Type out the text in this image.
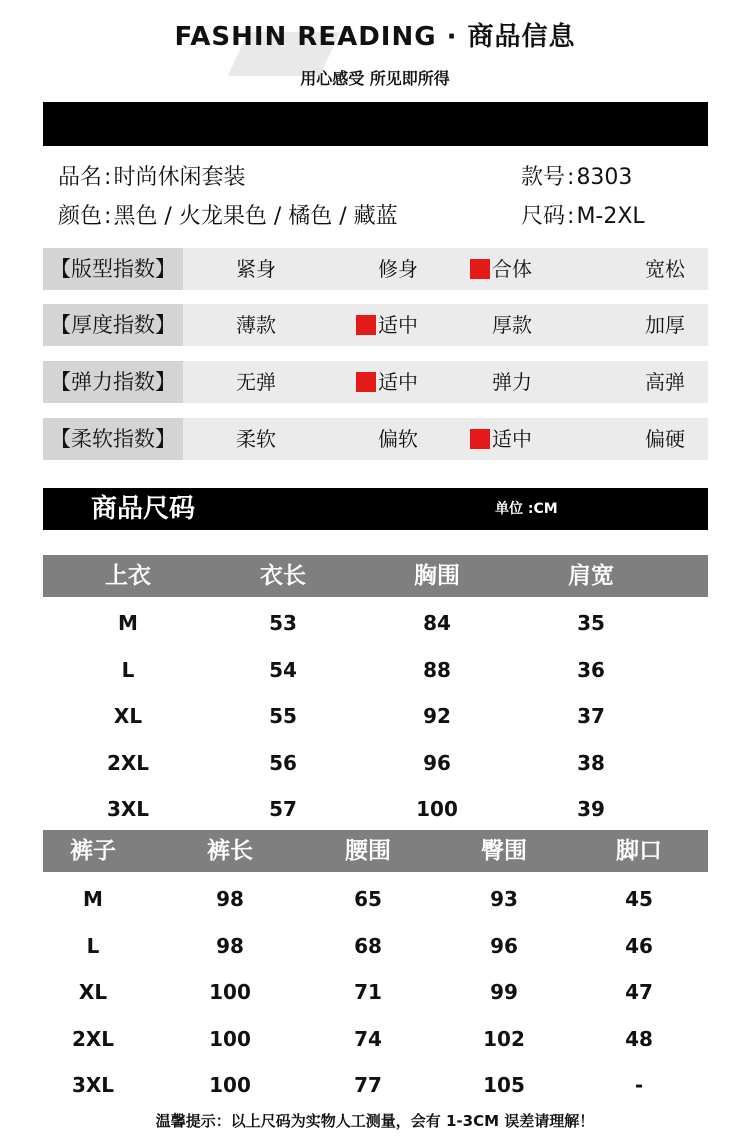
FASHIN READING · 商品信息
用心感受 所见即所得
品名:时尚休闲套装	款号:8303
颜色:黑色 / 火龙果色 / 橘色 / 藏蓝	尺码:M-2XL
【版型指数】	紧身	修身	合体	宽松
【厚度指数】	薄款	适中	厚款	加厚
【弹力指数】	无弹	适中	弹力	高弹
【柔软指数】	柔软	偏软	适中	偏硬
商品尺码	单位 :CM
上衣	衣长	胸围	肩宽
M	53	84	35
L	54	88	36
XL	55	92	37
2XL	56	96	38
3XL	57	100	39
裤子	裤长	腰围	臀围	脚口
M	98	65	93	45
L	98	68	96	46
XL	100	71	99	47
2XL	100	74	102	48
3XL	100	77	105	-
温馨提示：以上尺码为实物人工测量，会有 1-3CM 误差请理解！
